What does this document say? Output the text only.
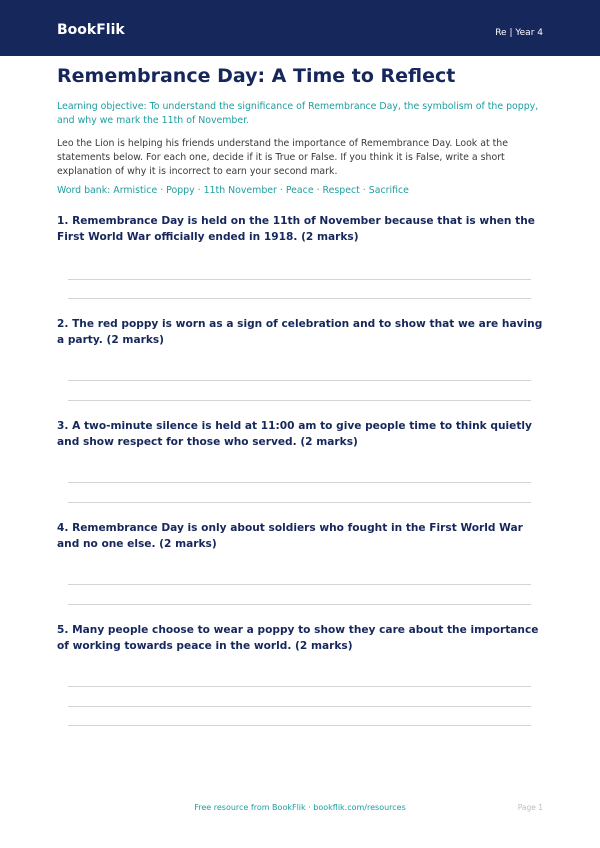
BookFlik	Re | Year 4
Remembrance Day: A Time to Reflect

Learning objective: To understand the significance of Remembrance Day, the symbolism of the poppy, and why we mark the 11th of November.

Leo the Lion is helping his friends understand the importance of Remembrance Day. Look at the statements below. For each one, decide if it is True or False. If you think it is False, write a short explanation of why it is incorrect to earn your second mark.

Word bank: Armistice · Poppy · 11th November · Peace · Respect · Sacrifice

1. Remembrance Day is held on the 11th of November because that is when the First World War officially ended in 1918. (2 marks)

2. The red poppy is worn as a sign of celebration and to show that we are having a party. (2 marks)

3. A two-minute silence is held at 11:00 am to give people time to think quietly and show respect for those who served. (2 marks)

4. Remembrance Day is only about soldiers who fought in the First World War and no one else. (2 marks)

5. Many people choose to wear a poppy to show they care about the importance of working towards peace in the world. (2 marks)

Free resource from BookFlik · bookflik.com/resources	Page 1
